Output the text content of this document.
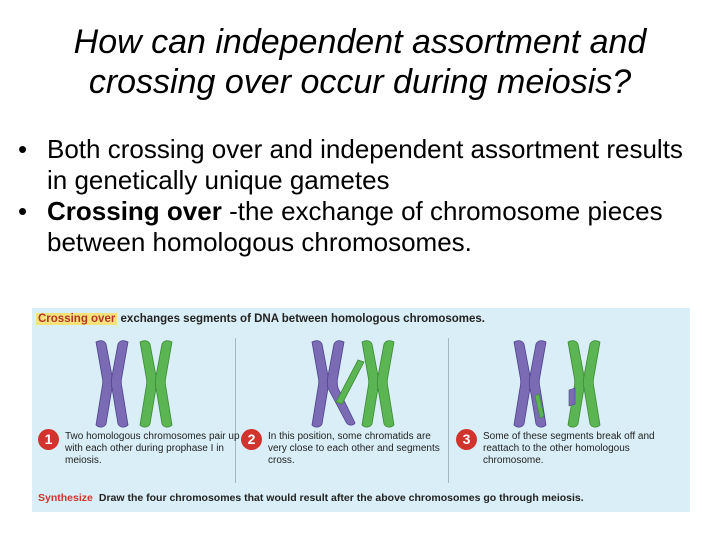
How can independent assortment and crossing over occur during meiosis?
• Both crossing over and independent assortment results in genetically unique gametes
• Crossing over -the exchange of chromosome pieces between homologous chromosomes.
Crossing over exchanges segments of DNA between homologous chromosomes.
1	Two homologous chromosomes pair up with each other during prophase I in meiosis.
2	In this position, some chromatids are very close to each other and segments cross.
3	Some of these segments break off and reattach to the other homologous chromosome.
Synthesize Draw the four chromosomes that would result after the above chromosomes go through meiosis.
